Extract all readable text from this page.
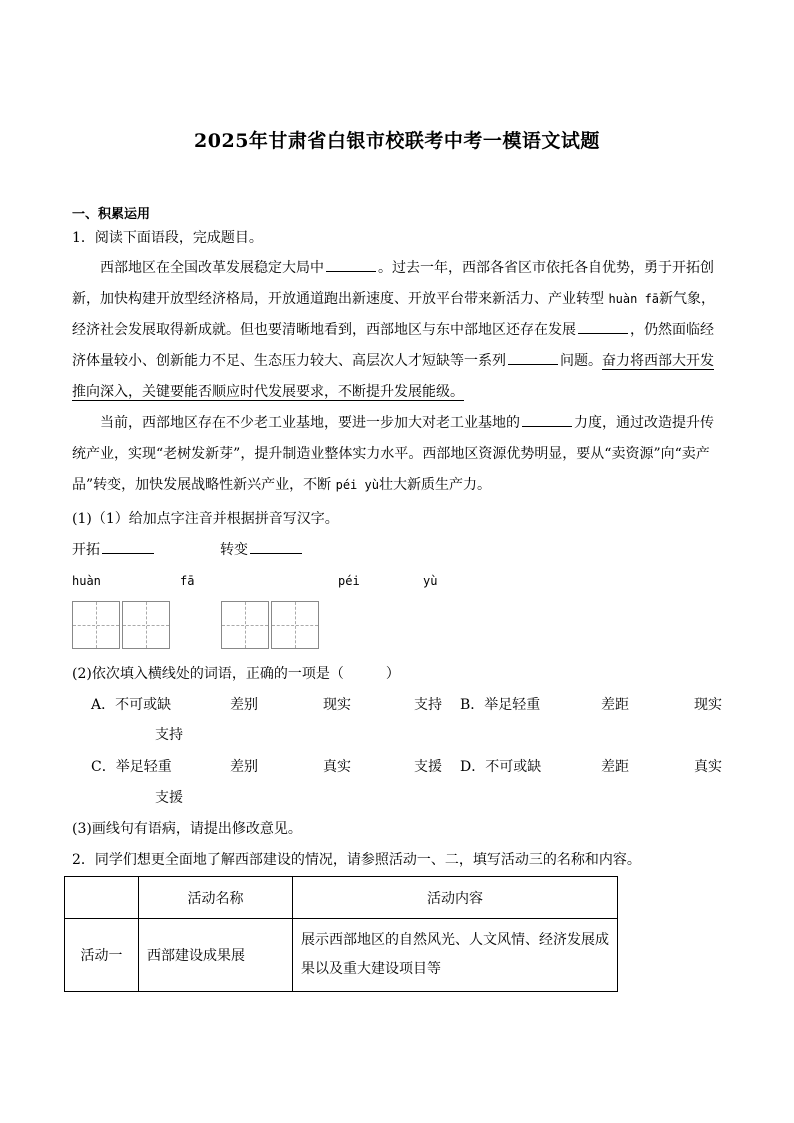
2025年甘肃省白银市校联考中考一模语文试题
一、积累运用
1．阅读下面语段，完成题目。
西部地区在全国改革发展稳定大局中	。过去一年，西部各省区市依托各自优势，勇于开拓创新，加快构建开放型经济格局，开放通道跑出新速度、开放平台带来新活力、产业转型 huàn fā新气象，经济社会发展取得新成就。但也要清晰地看到，西部地区与东中部地区还存在发展	，仍然面临经济体量较小、创新能力不足、生态压力较大、高层次人才短缺等一系列	问题。奋力将西部大开发推向深入，关键要能否顺应时代发展要求，不断提升发展能级。
当前，西部地区存在不少老工业基地，要进一步加大对老工业基地的	力度，通过改造提升传统产业，实现“老树发新芽”，提升制造业整体实力水平。西部地区资源优势明显，要从“卖资源”向“卖产品”转变，加快发展战略性新兴产业，不断 péi yù壮大新质生产力。
(1)（1）给加点字注音并根据拼音写汉字。
开拓	转变
huàn	fā	péi	yù
(2)依次填入横线处的词语，正确的一项是（　　　）
A．不可或缺	差别	现实	支持 B．举足轻重	差距	现实
支持
C．举足轻重	差别	真实	支援 D．不可或缺	差距	真实
支援
(3)画线句有语病，请提出修改意见。
2．同学们想更全面地了解西部建设的情况，请参照活动一、二，填写活动三的名称和内容。
	活动名称	活动内容
活动一	西部建设成果展	展示西部地区的自然风光、人文风情、经济发展成果以及重大建设项目等
